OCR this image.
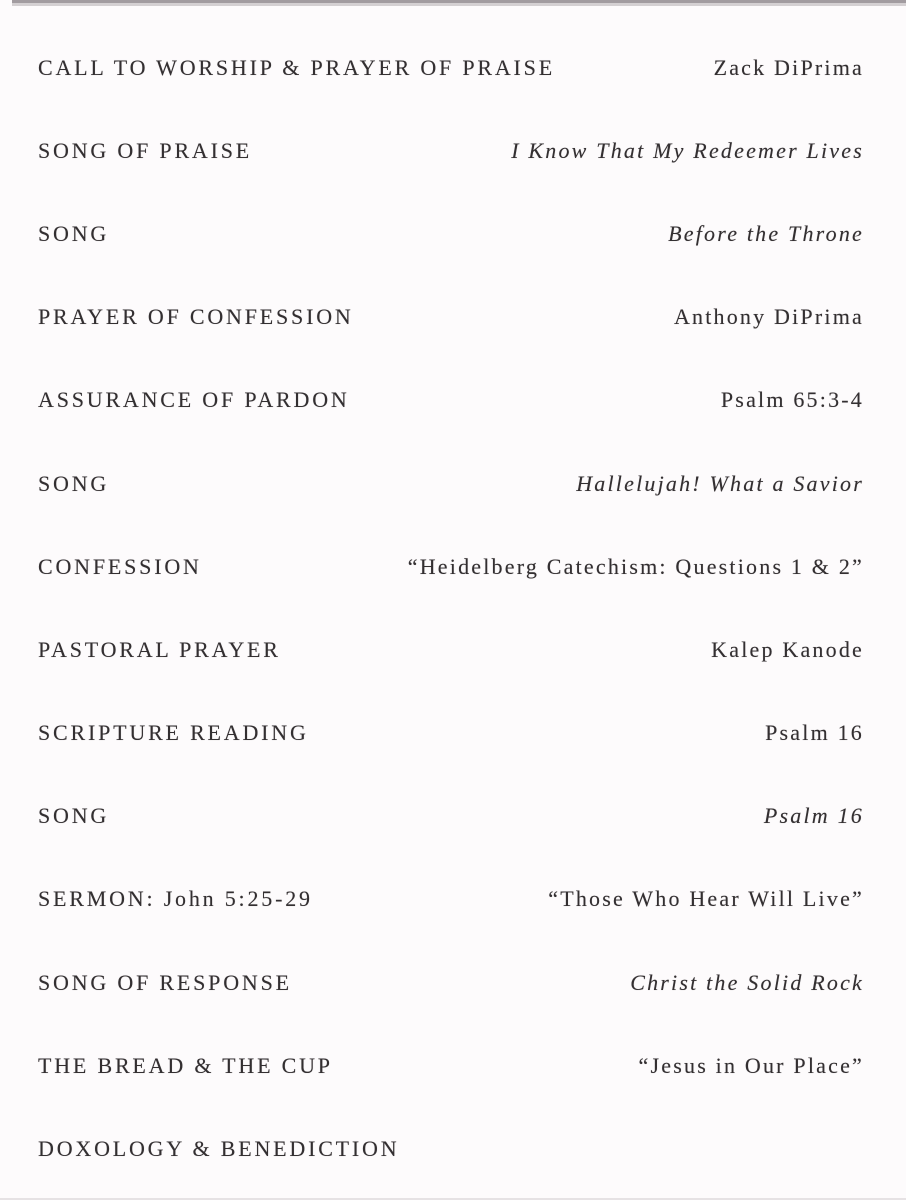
CALL TO WORSHIP & PRAYER OF PRAISE	Zack DiPrima
SONG OF PRAISE	I Know That My Redeemer Lives
SONG	Before the Throne
PRAYER OF CONFESSION	Anthony DiPrima
ASSURANCE OF PARDON	Psalm 65:3-4
SONG	Hallelujah! What a Savior
CONFESSION	“Heidelberg Catechism: Questions 1 & 2”
PASTORAL PRAYER	Kalep Kanode
SCRIPTURE READING	Psalm 16
SONG	Psalm 16
SERMON: John 5:25-29	“Those Who Hear Will Live”
SONG OF RESPONSE	Christ the Solid Rock
THE BREAD & THE CUP	“Jesus in Our Place”
DOXOLOGY & BENEDICTION
